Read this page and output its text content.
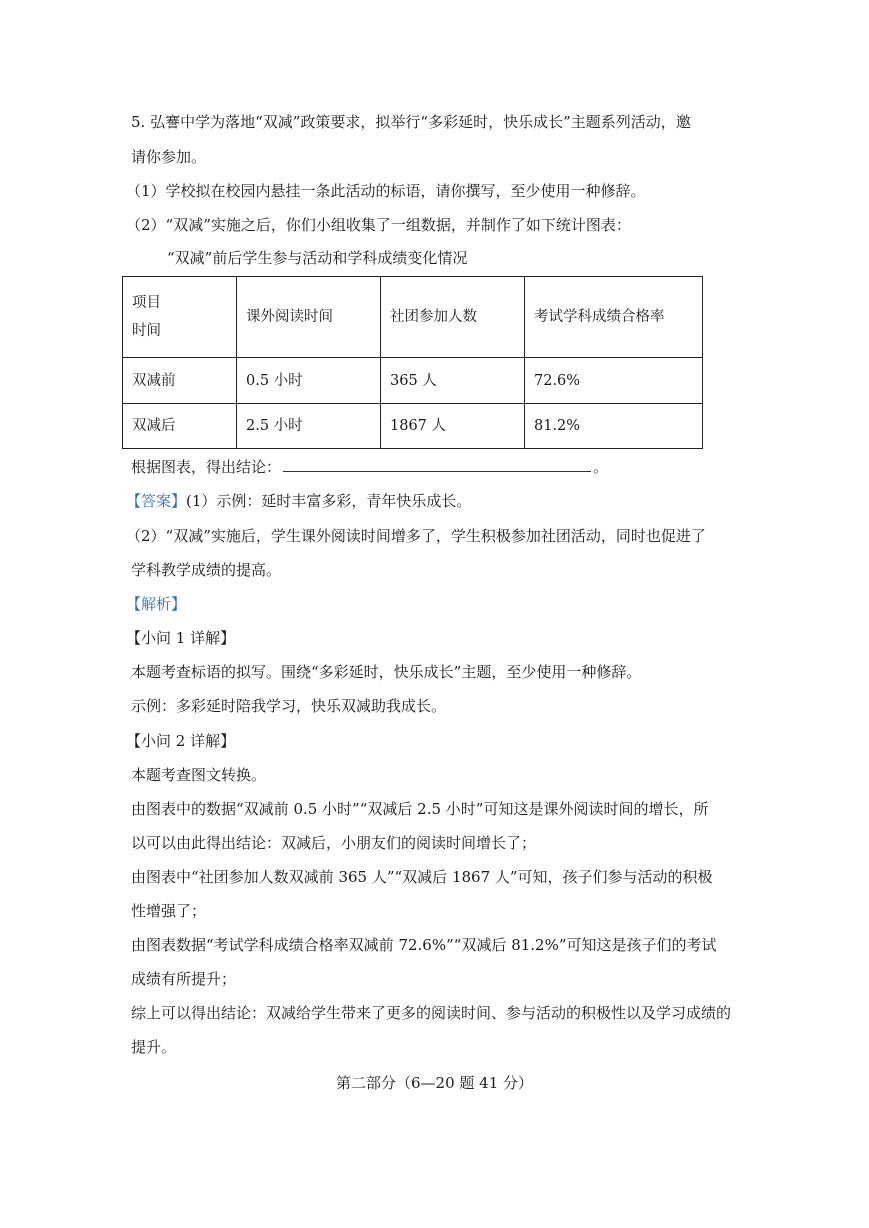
5. 弘謇中学为落地“双减”政策要求，拟举行“多彩延时，快乐成长”主题系列活动，邀
请你参加。
（1）学校拟在校园内悬挂一条此活动的标语，请你撰写，至少使用一种修辞。
（2）“双减”实施之后，你们小组收集了一组数据，并制作了如下统计图表：
“双减”前后学生参与活动和学科成绩变化情况
项目
时间	课外阅读时间	社团参加人数	考试学科成绩合格率
双减前	0.5 小时	365 人	72.6%
双减后	2.5 小时	1867 人	81.2%
根据图表，得出结论：	。
【答案】(1）示例：延时丰富多彩，青年快乐成长。
（2）“双减”实施后，学生课外阅读时间增多了，学生积极参加社团活动，同时也促进了
学科教学成绩的提高。
【解析】
【小问 1 详解】
本题考查标语的拟写。围绕“多彩延时，快乐成长”主题，至少使用一种修辞。
示例：多彩延时陪我学习，快乐双减助我成长。
【小问 2 详解】
本题考查图文转换。
由图表中的数据“双减前 0.5 小时”“双减后 2.5 小时”可知这是课外阅读时间的增长，所
以可以由此得出结论：双减后，小朋友们的阅读时间增长了；
由图表中“社团参加人数双减前 365 人”“双减后 1867 人”可知，孩子们参与活动的积极
性增强了；
由图表数据“考试学科成绩合格率双减前 72.6%”“双减后 81.2%”可知这是孩子们的考试
成绩有所提升；
综上可以得出结论：双减给学生带来了更多的阅读时间、参与活动的积极性以及学习成绩的
提升。
第二部分（6—20 题 41 分）
